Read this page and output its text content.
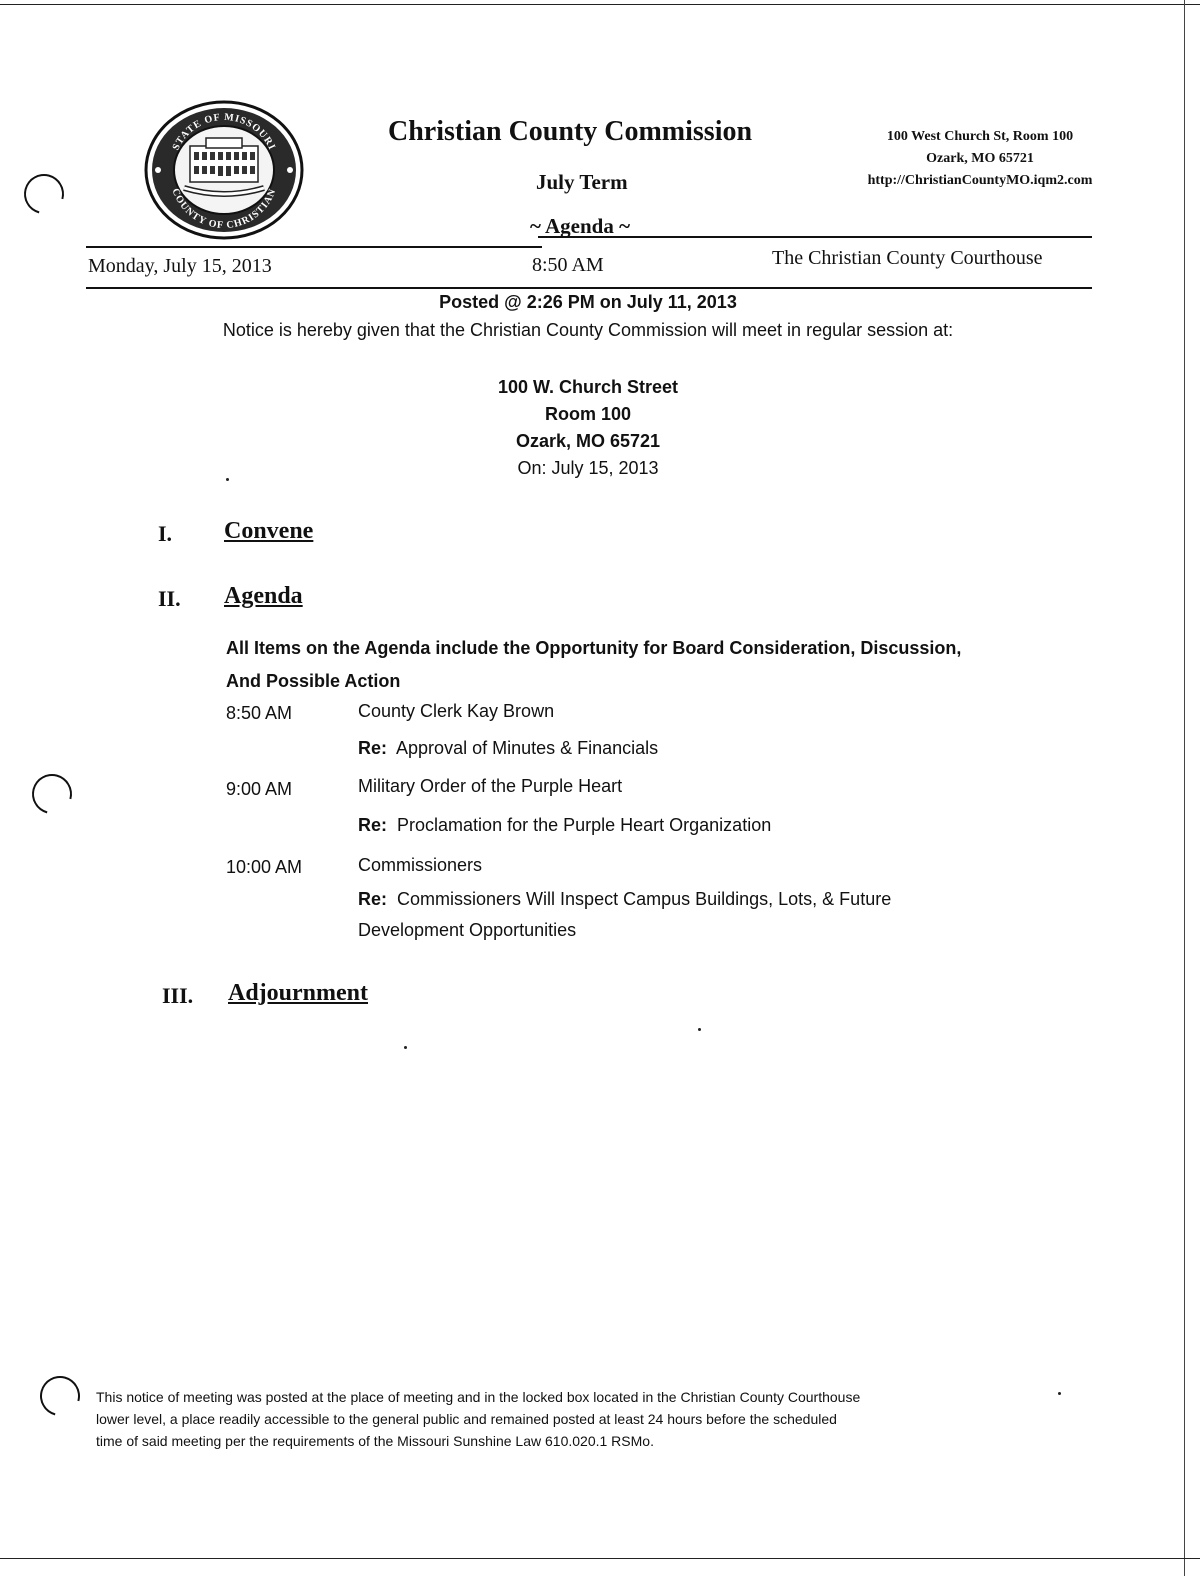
STATE OF MISSOURI
COUNTY OF CHRISTIAN
Christian County Commission
July Term
~ Agenda ~
100 West Church St, Room 100
Ozark, MO 65721
http://ChristianCountyMO.iqm2.com
Monday, July 15, 2013	8:50 AM	The Christian County Courthouse
Posted @ 2:26 PM on July 11, 2013
Notice is hereby given that the Christian County Commission will meet in regular session at:
100 W. Church Street
Room 100
Ozark, MO 65721
On: July 15, 2013
I. Convene
II. Agenda
All Items on the Agenda include the Opportunity for Board Consideration, Discussion,
And Possible Action
8:50 AM	County Clerk Kay Brown
Re: Approval of Minutes & Financials
9:00 AM	Military Order of the Purple Heart
Re: Proclamation for the Purple Heart Organization
10:00 AM	Commissioners
Re: Commissioners Will Inspect Campus Buildings, Lots, & Future
Development Opportunities
III. Adjournment
This notice of meeting was posted at the place of meeting and in the locked box located in the Christian County Courthouse
lower level, a place readily accessible to the general public and remained posted at least 24 hours before the scheduled
time of said meeting per the requirements of the Missouri Sunshine Law 610.020.1 RSMo.
